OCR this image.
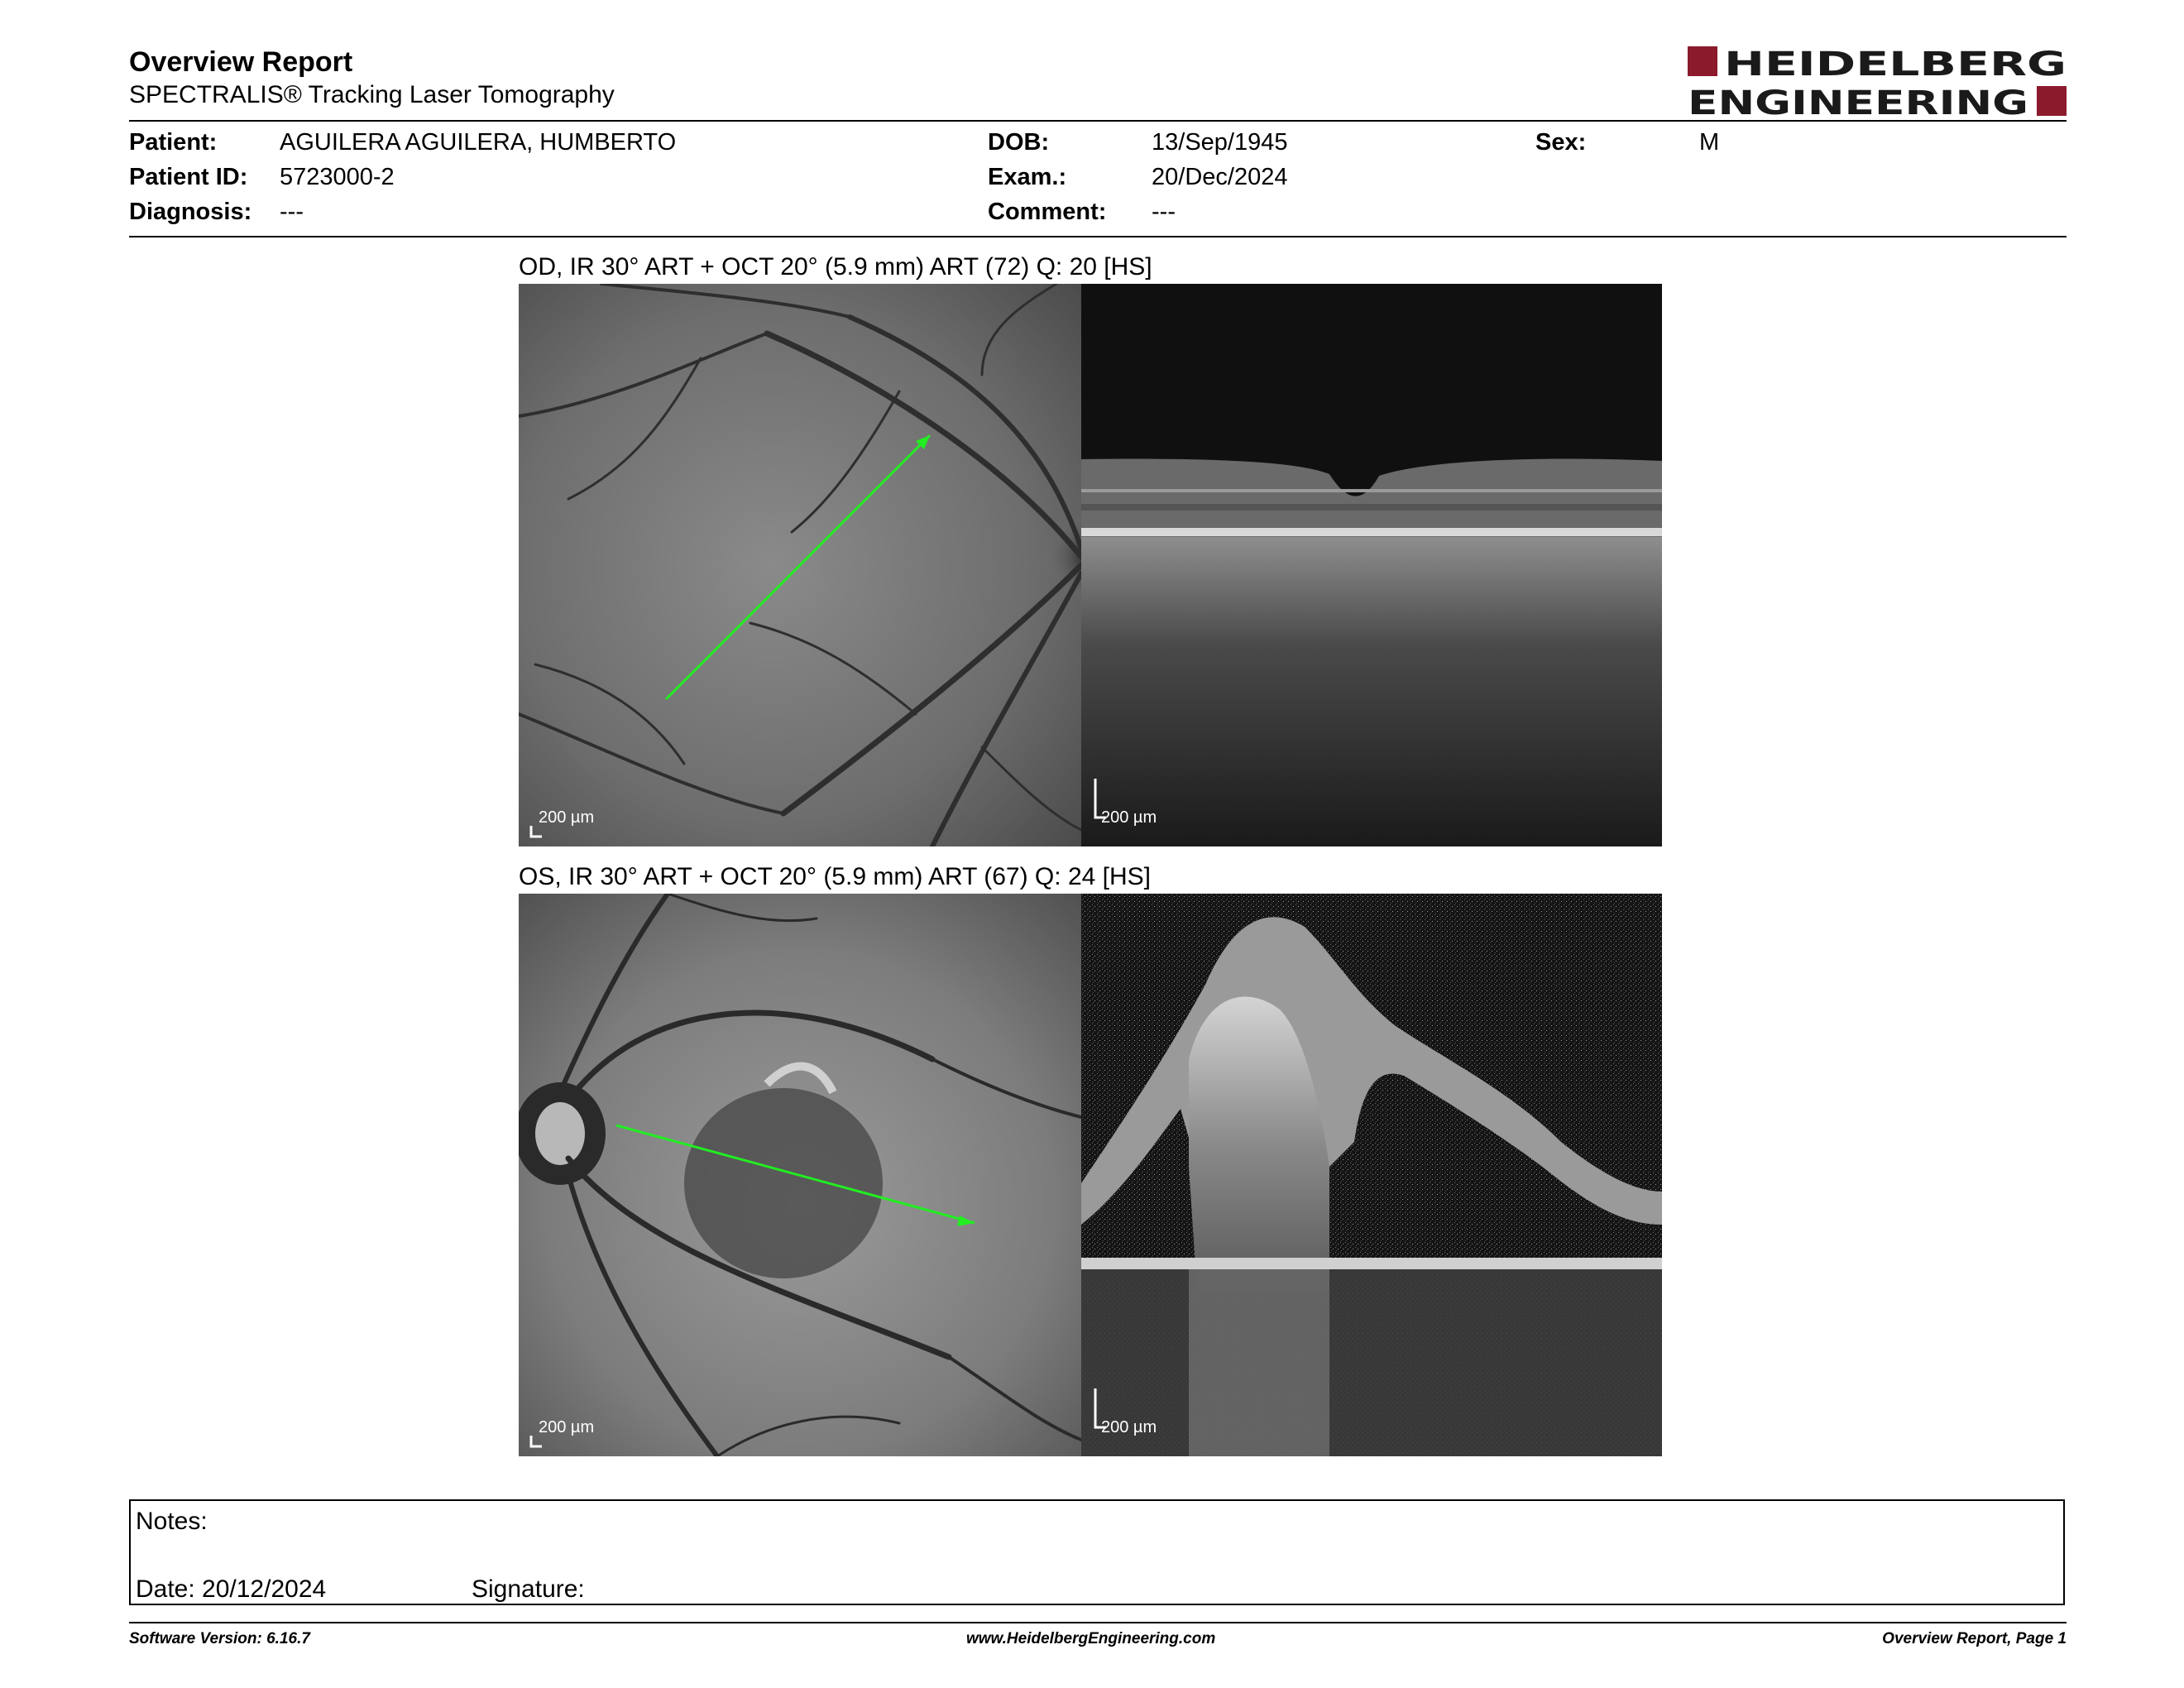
Overview Report
SPECTRALIS® Tracking Laser Tomography
HEIDELBERG
ENGINEERING
Patient:	AGUILERA AGUILERA, HUMBERTO
Patient ID: 5723000-2
Diagnosis: ---
DOB:	13/Sep/1945
Exam.:	20/Dec/2024
Comment: ---
Sex:	M
OD, IR 30° ART + OCT 20° (5.9 mm) ART (72) Q: 20 [HS]
200 µm	200 µm
OS, IR 30° ART + OCT 20° (5.9 mm) ART (67) Q: 24 [HS]
200 µm	200 µm
Notes:
Date: 20/12/2024	Signature:
Software Version: 6.16.7	www.HeidelbergEngineering.com	Overview Report, Page 1
